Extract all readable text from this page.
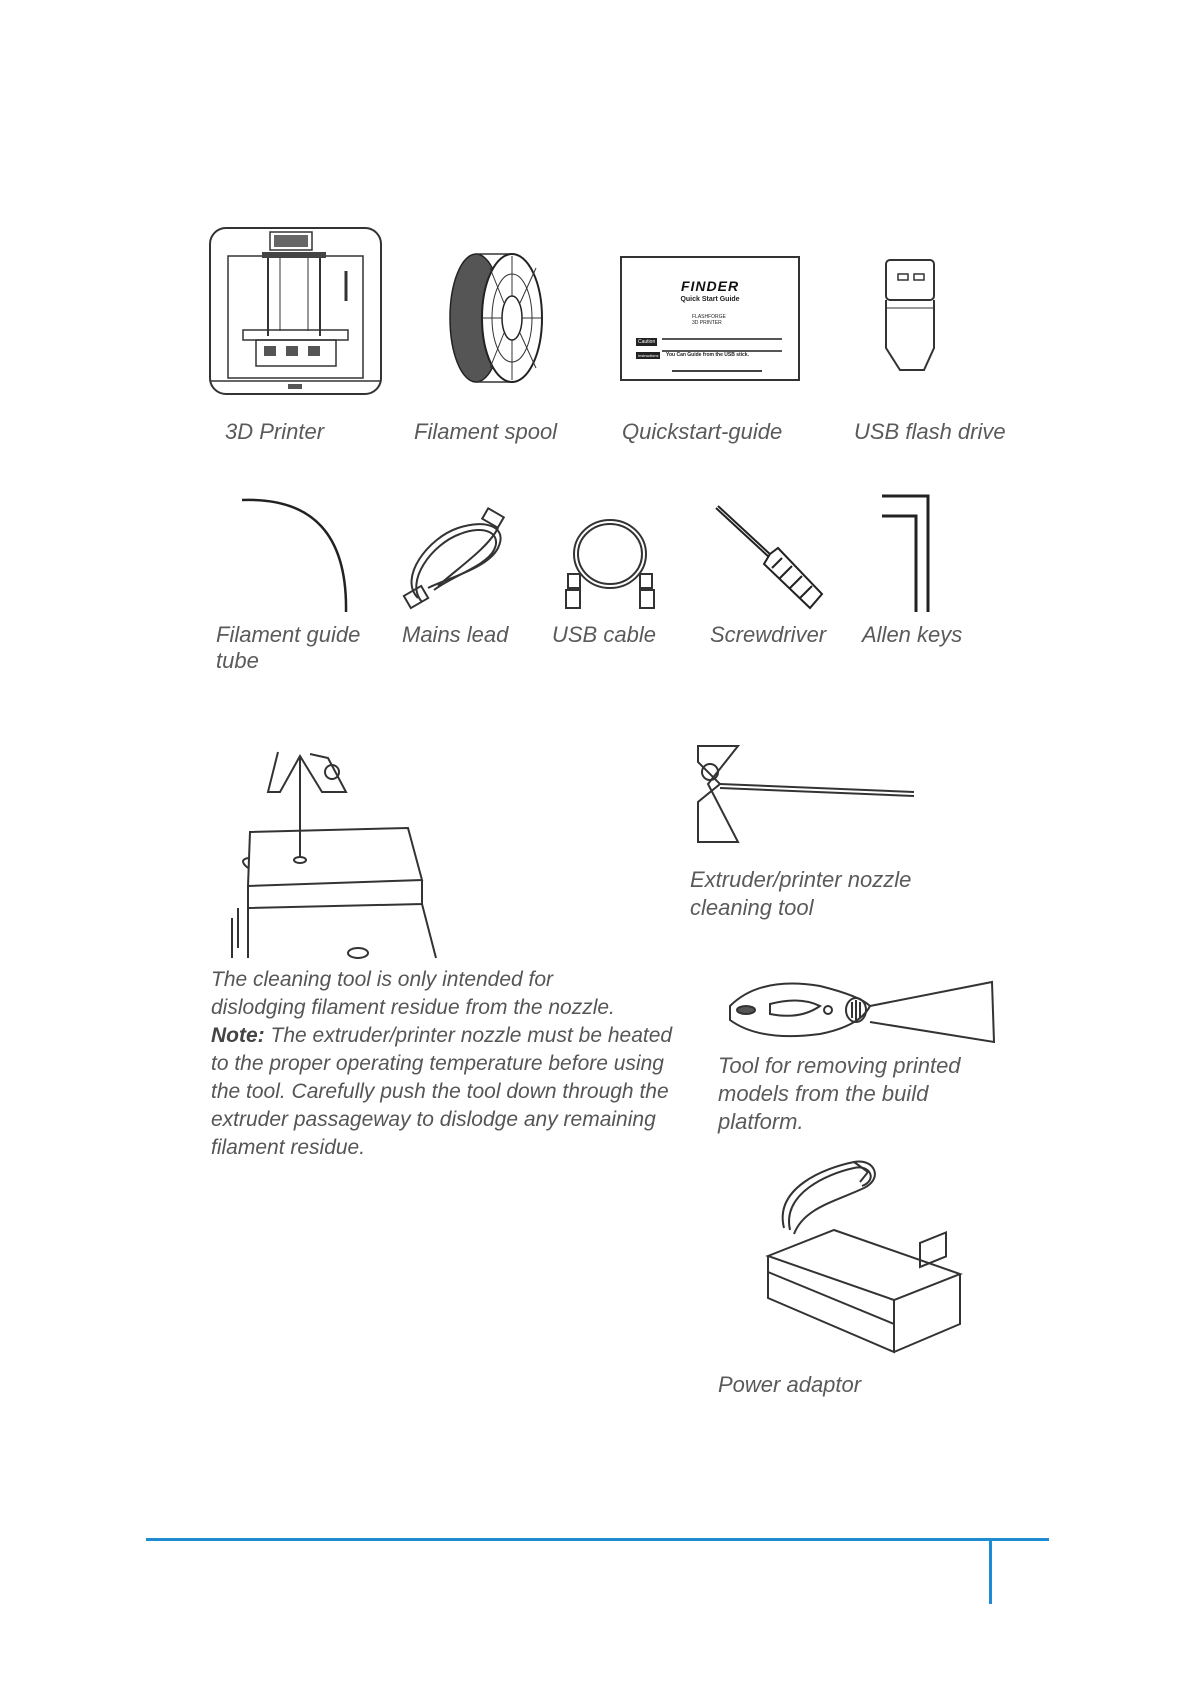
3D Printer	Filament spool
FINDER
Quick Start Guide
FLASHFORGE
3D PRINTER
Caution
Instructions	You Can Guide from the USB stick.
Quickstart-guide	USB flash drive
Filament guide tube
Mains lead USB cable Screwdriver Allen keys
The cleaning tool is only intended for
dislodging filament residue from the nozzle.
Note: The extruder/printer nozzle must be heated to the proper operating temperature before using the tool. Carefully push the tool down through the extruder passageway to dislodge any remaining filament residue.
Extruder/printer nozzle cleaning tool
Tool for removing printed models from the build platform.
Power adaptor
